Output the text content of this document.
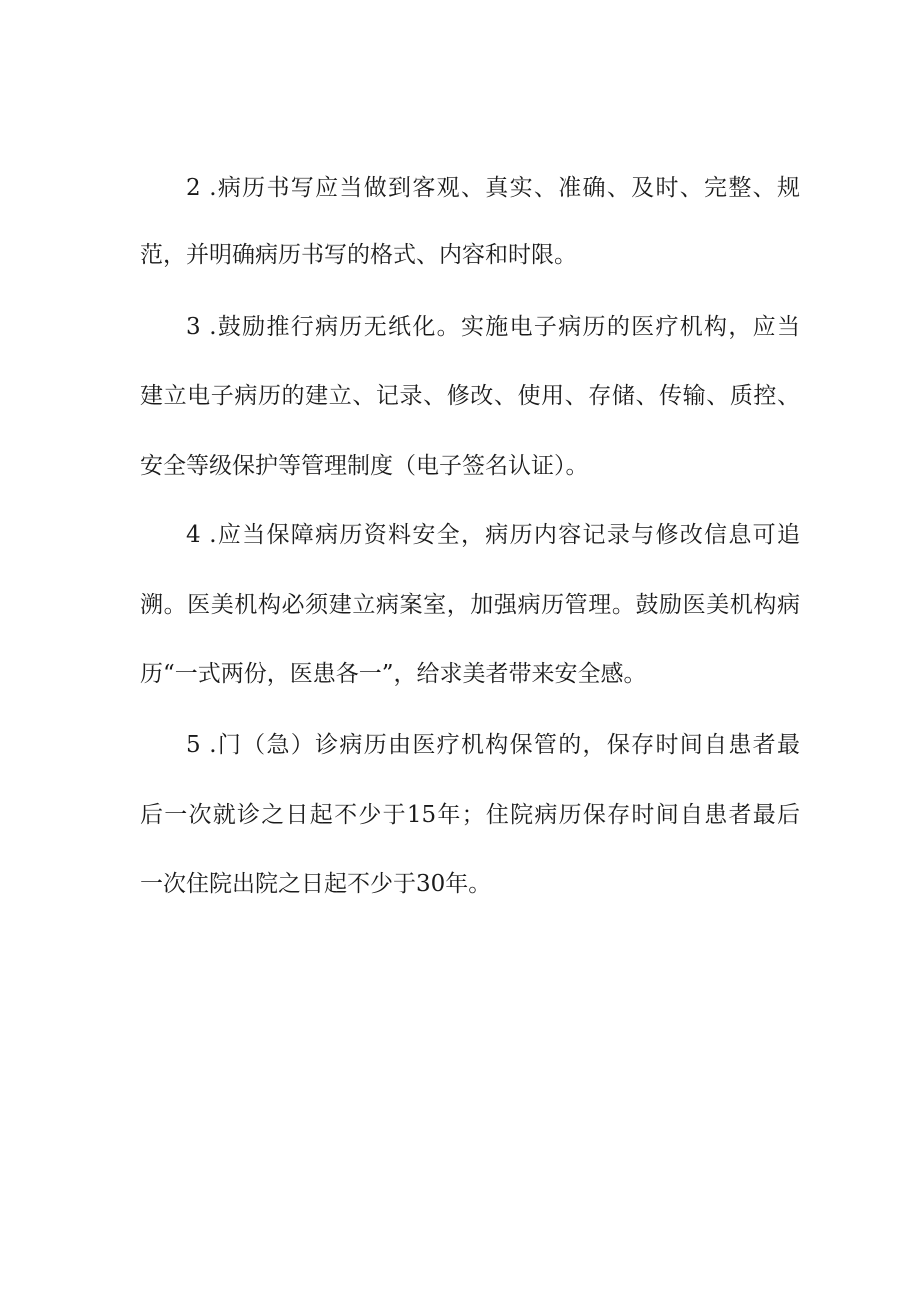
2 .病历书写应当做到客观、真实、准确、及时、完整、规
范，并明确病历书写的格式、内容和时限。
3 .鼓励推行病历无纸化。实施电子病历的医疗机构，应当
建立电子病历的建立、记录、修改、使用、存储、传输、质控、
安全等级保护等管理制度（电子签名认证）。
4 .应当保障病历资料安全，病历内容记录与修改信息可追
溯。医美机构必须建立病案室，加强病历管理。鼓励医美机构病
历“一式两份，医患各一”，给求美者带来安全感。
5 .门（急）诊病历由医疗机构保管的，保存时间自患者最
后一次就诊之日起不少于15年；住院病历保存时间自患者最后
一次住院出院之日起不少于30年。
